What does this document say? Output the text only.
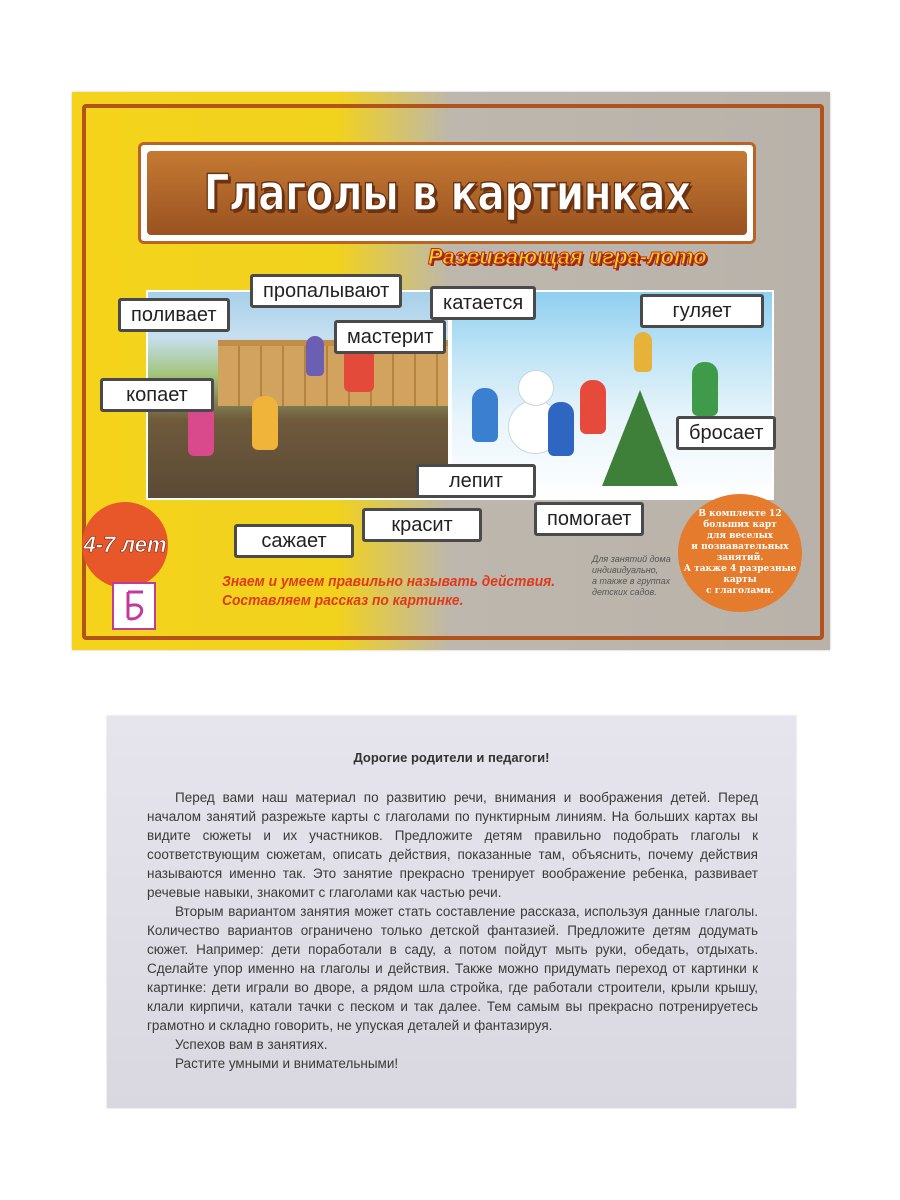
Глаголы в картинках
Развивающая игра-лото
поливает
пропалывают
мастерит
катается	гуляет
копает
бросает
лепит
сажает
красит	помогает
4-7 лет
Знаем и умеем правильно называть действия.
Составляем рассказ по картинке.
Для занятий дома
индивидуально,
а также в группах
детских садов.
В комплекте 12
больших карт
для веселых
и познавательных
занятий.
А также 4 разрезные
карты
с глаголами.
Дорогие родители и педагоги!

Перед вами наш материал по развитию речи, внимания и воображения детей. Перед началом занятий разрежьте карты с глаголами по пунктирным линиям. На больших картах вы видите сюжеты и их участников. Предложите детям правильно подобрать глаголы к соответствующим сюжетам, описать действия, показанные там, объяснить, почему действия называются именно так. Это занятие прекрасно тренирует воображение ребенка, развивает речевые навыки, знакомит с глаголами как частью речи.

Вторым вариантом занятия может стать составление рассказа, используя данные глаголы. Количество вариантов ограничено только детской фантазией. Предложите детям додумать сюжет. Например: дети поработали в саду, а потом пойдут мыть руки, обедать, отдыхать. Сделайте упор именно на глаголы и действия. Также можно придумать переход от картинки к картинке: дети играли во дворе, а рядом шла стройка, где работали строители, крыли крышу, клали кирпичи, катали тачки с песком и так далее. Тем самым вы прекрасно потренируетесь грамотно и складно говорить, не упуская деталей и фантазируя.

Успехов вам в занятиях.

Растите умными и внимательными!
